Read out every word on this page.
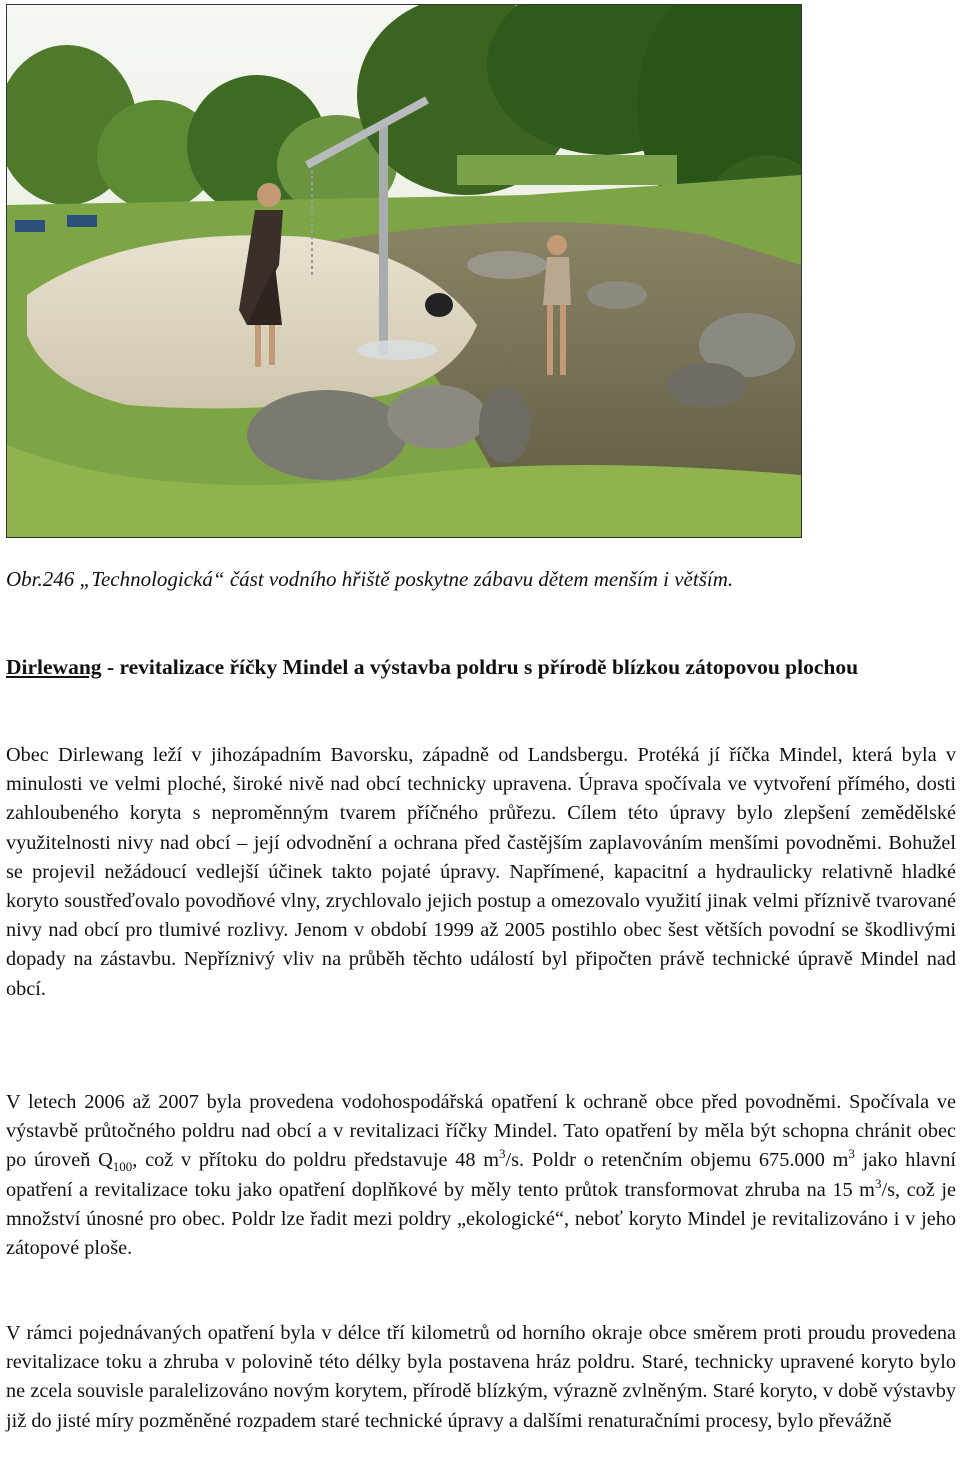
Obr.246 „Technologická“ část vodního hřiště poskytne zábavu dětem menším i větším.
Dirlewang - revitalizace říčky Mindel a výstavba poldru s přírodě blízkou zátopovou plochou

Obec Dirlewang leží v jihozápadním Bavorsku, západně od Landsbergu. Protéká jí říčka Mindel, která byla v minulosti ve velmi ploché, široké nivě nad obcí technicky upravena. Úprava spočívala ve vytvoření přímého, dosti zahloubeného koryta s neproměnným tvarem příčného průřezu. Cílem této úpravy bylo zlepšení zemědělské využitelnosti nivy nad obcí – její odvodnění a ochrana před častějším zaplavováním menšími povodněmi. Bohužel se projevil nežádoucí vedlejší účinek takto pojaté úpravy. Napřímené, kapacitní a hydraulicky relativně hladké koryto soustřeďovalo povodňové vlny, zrychlovalo jejich postup a omezovalo využití jinak velmi příznivě tvarované nivy nad obcí pro tlumivé rozlivy. Jenom v období 1999 až 2005 postihlo obec šest větších povodní se škodlivými dopady na zástavbu. Nepříznivý vliv na průběh těchto událostí byl připočten právě technické úpravě Mindel nad obcí.

V letech 2006 až 2007 byla provedena vodohospodářská opatření k ochraně obce před povodněmi. Spočívala ve výstavbě průtočného poldru nad obcí a v revitalizaci říčky Mindel. Tato opatření by měla být schopna chránit obec po úroveň $Q_{100}$, což v přítoku do poldru představuje 48 $m^3/s$. Poldr o retenčním objemu 675.000 $m^3$ jako hlavní opatření a revitalizace toku jako opatření doplňkové by měly tento průtok transformovat zhruba na 15 $m^3/s$, což je množství únosné pro obec. Poldr lze řadit mezi poldry „ekologické“, neboť koryto Mindel je revitalizováno i v jeho zátopové ploše.

V rámci pojednávaných opatření byla v délce tří kilometrů od horního okraje obce směrem proti proudu provedena revitalizace toku a zhruba v polovině této délky byla postavena hráz poldru. Staré, technicky upravené koryto bylo ne zcela souvisle paralelizováno novým korytem, přírodě blízkým, výrazně zvlněným. Staré koryto, v době výstavby již do jisté míry pozměněné rozpadem staré technické úpravy a dalšími renaturačními procesy, bylo převážně
